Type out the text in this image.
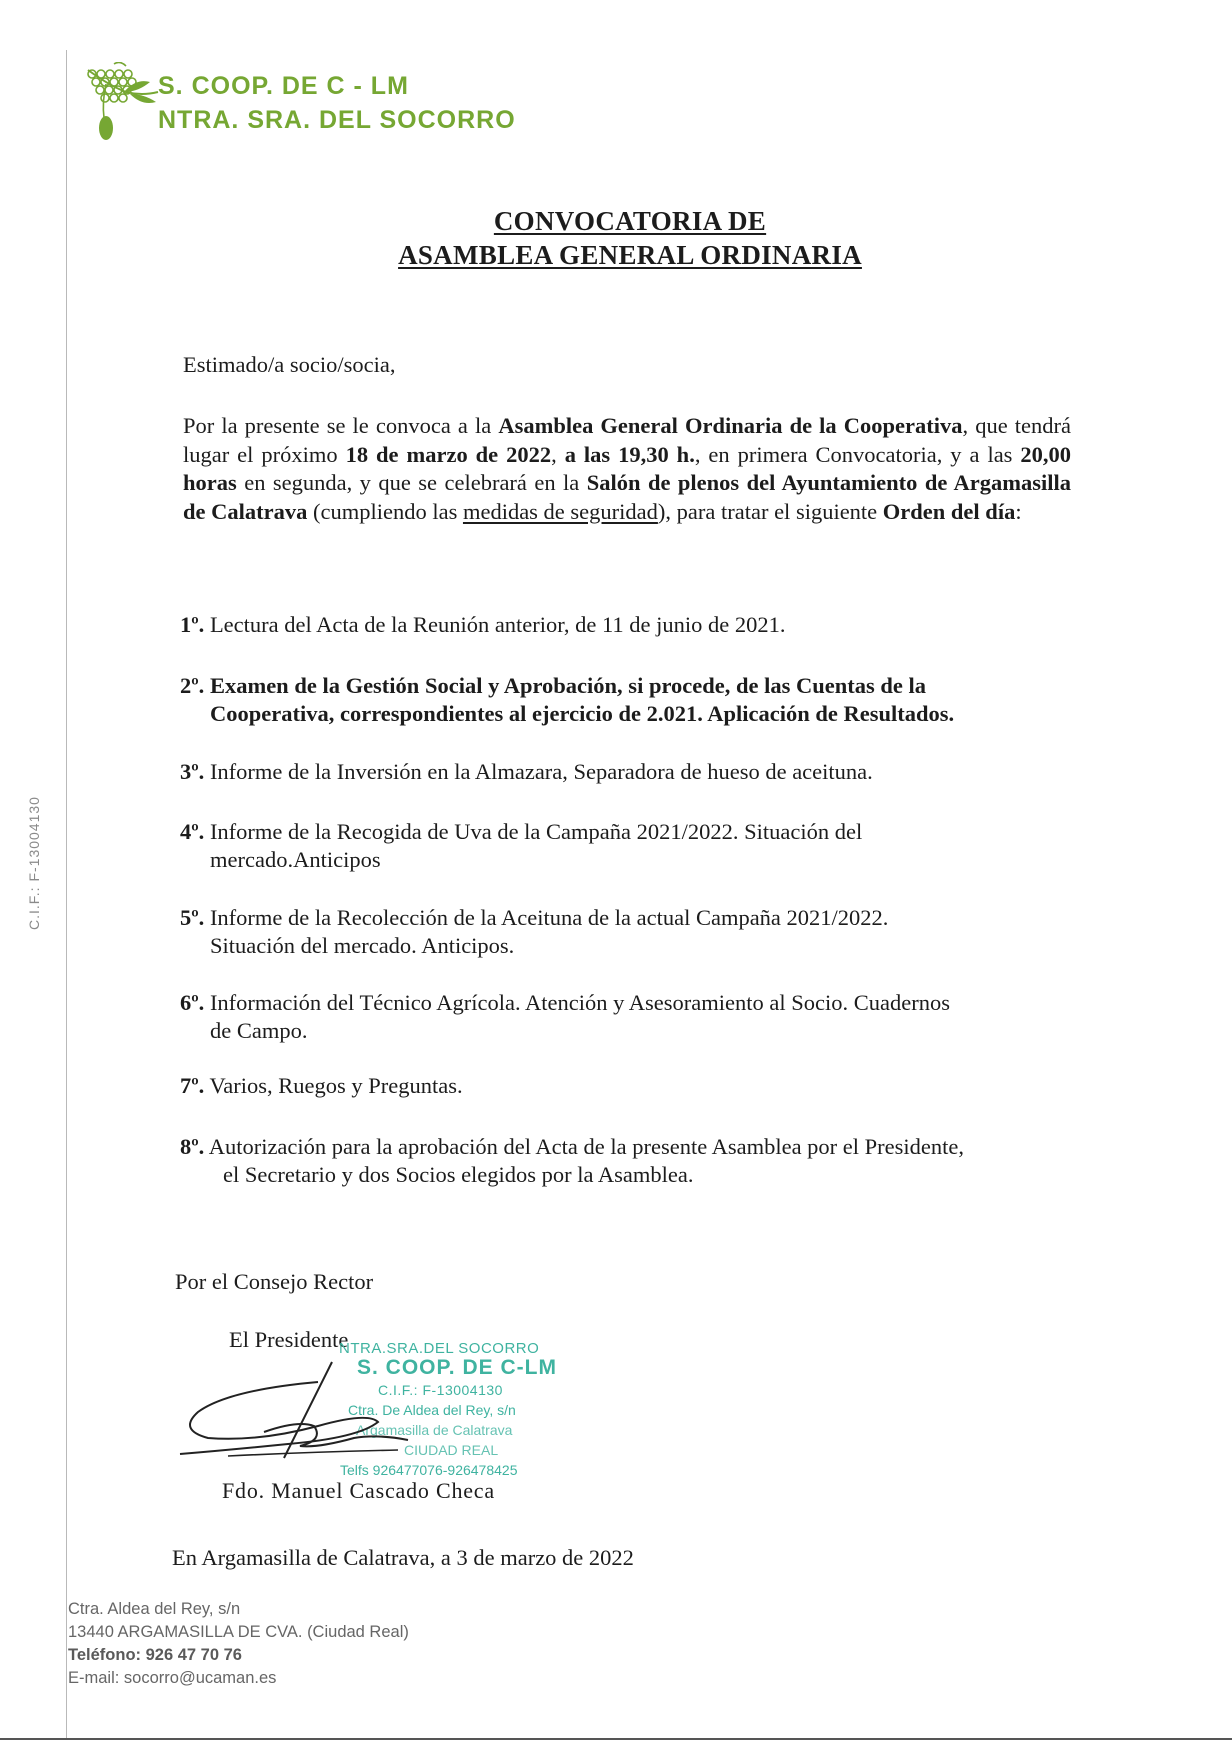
S. COOP. DE C - LM
NTRA. SRA. DEL SOCORRO
C.I.F.: F-13004130
CONVOCATORIA DE
ASAMBLEA GENERAL ORDINARIA
Estimado/a socio/socia,
Por la presente se le convoca a la Asamblea General Ordinaria de la Cooperativa, que tendrá lugar el próximo 18 de marzo de 2022, a las 19,30 h., en primera Convocatoria, y a las 20,00 horas en segunda, y que se celebrará en la Salón de plenos del Ayuntamiento de Argamasilla de Calatrava (cumpliendo las medidas de seguridad), para tratar el siguiente Orden del día:
1º. Lectura del Acta de la Reunión anterior, de 11 de junio de 2021.
2º. Examen de la Gestión Social y Aprobación, si procede, de las Cuentas de la
Cooperativa, correspondientes al ejercicio de 2.021. Aplicación de Resultados.
3º. Informe de la Inversión en la Almazara, Separadora de hueso de aceituna.
4º. Informe de la Recogida de Uva de la Campaña 2021/2022. Situación del
mercado.Anticipos
5º. Informe de la Recolección de la Aceituna de la actual Campaña 2021/2022.
Situación del mercado. Anticipos.
6º. Información del Técnico Agrícola. Atención y Asesoramiento al Socio. Cuadernos
de Campo.
7º. Varios, Ruegos y Preguntas.
8º. Autorización para la aprobación del Acta de la presente Asamblea por el Presidente,
el Secretario y dos Socios elegidos por la Asamblea.
Por el Consejo Rector
El Presidente
NTRA.SRA.DEL SOCORRO
S. COOP. DE C-LM
C.I.F.: F-13004130
Ctra. De Aldea del Rey, s/n
Argamasilla de Calatrava
CIUDAD REAL
Telfs 926477076-926478425
Fdo. Manuel Cascado Checa
En Argamasilla de Calatrava, a 3 de marzo de 2022
Ctra. Aldea del Rey, s/n
13440 ARGAMASILLA DE CVA. (Ciudad Real)
Teléfono: 926 47 70 76
E-mail: socorro@ucaman.es
